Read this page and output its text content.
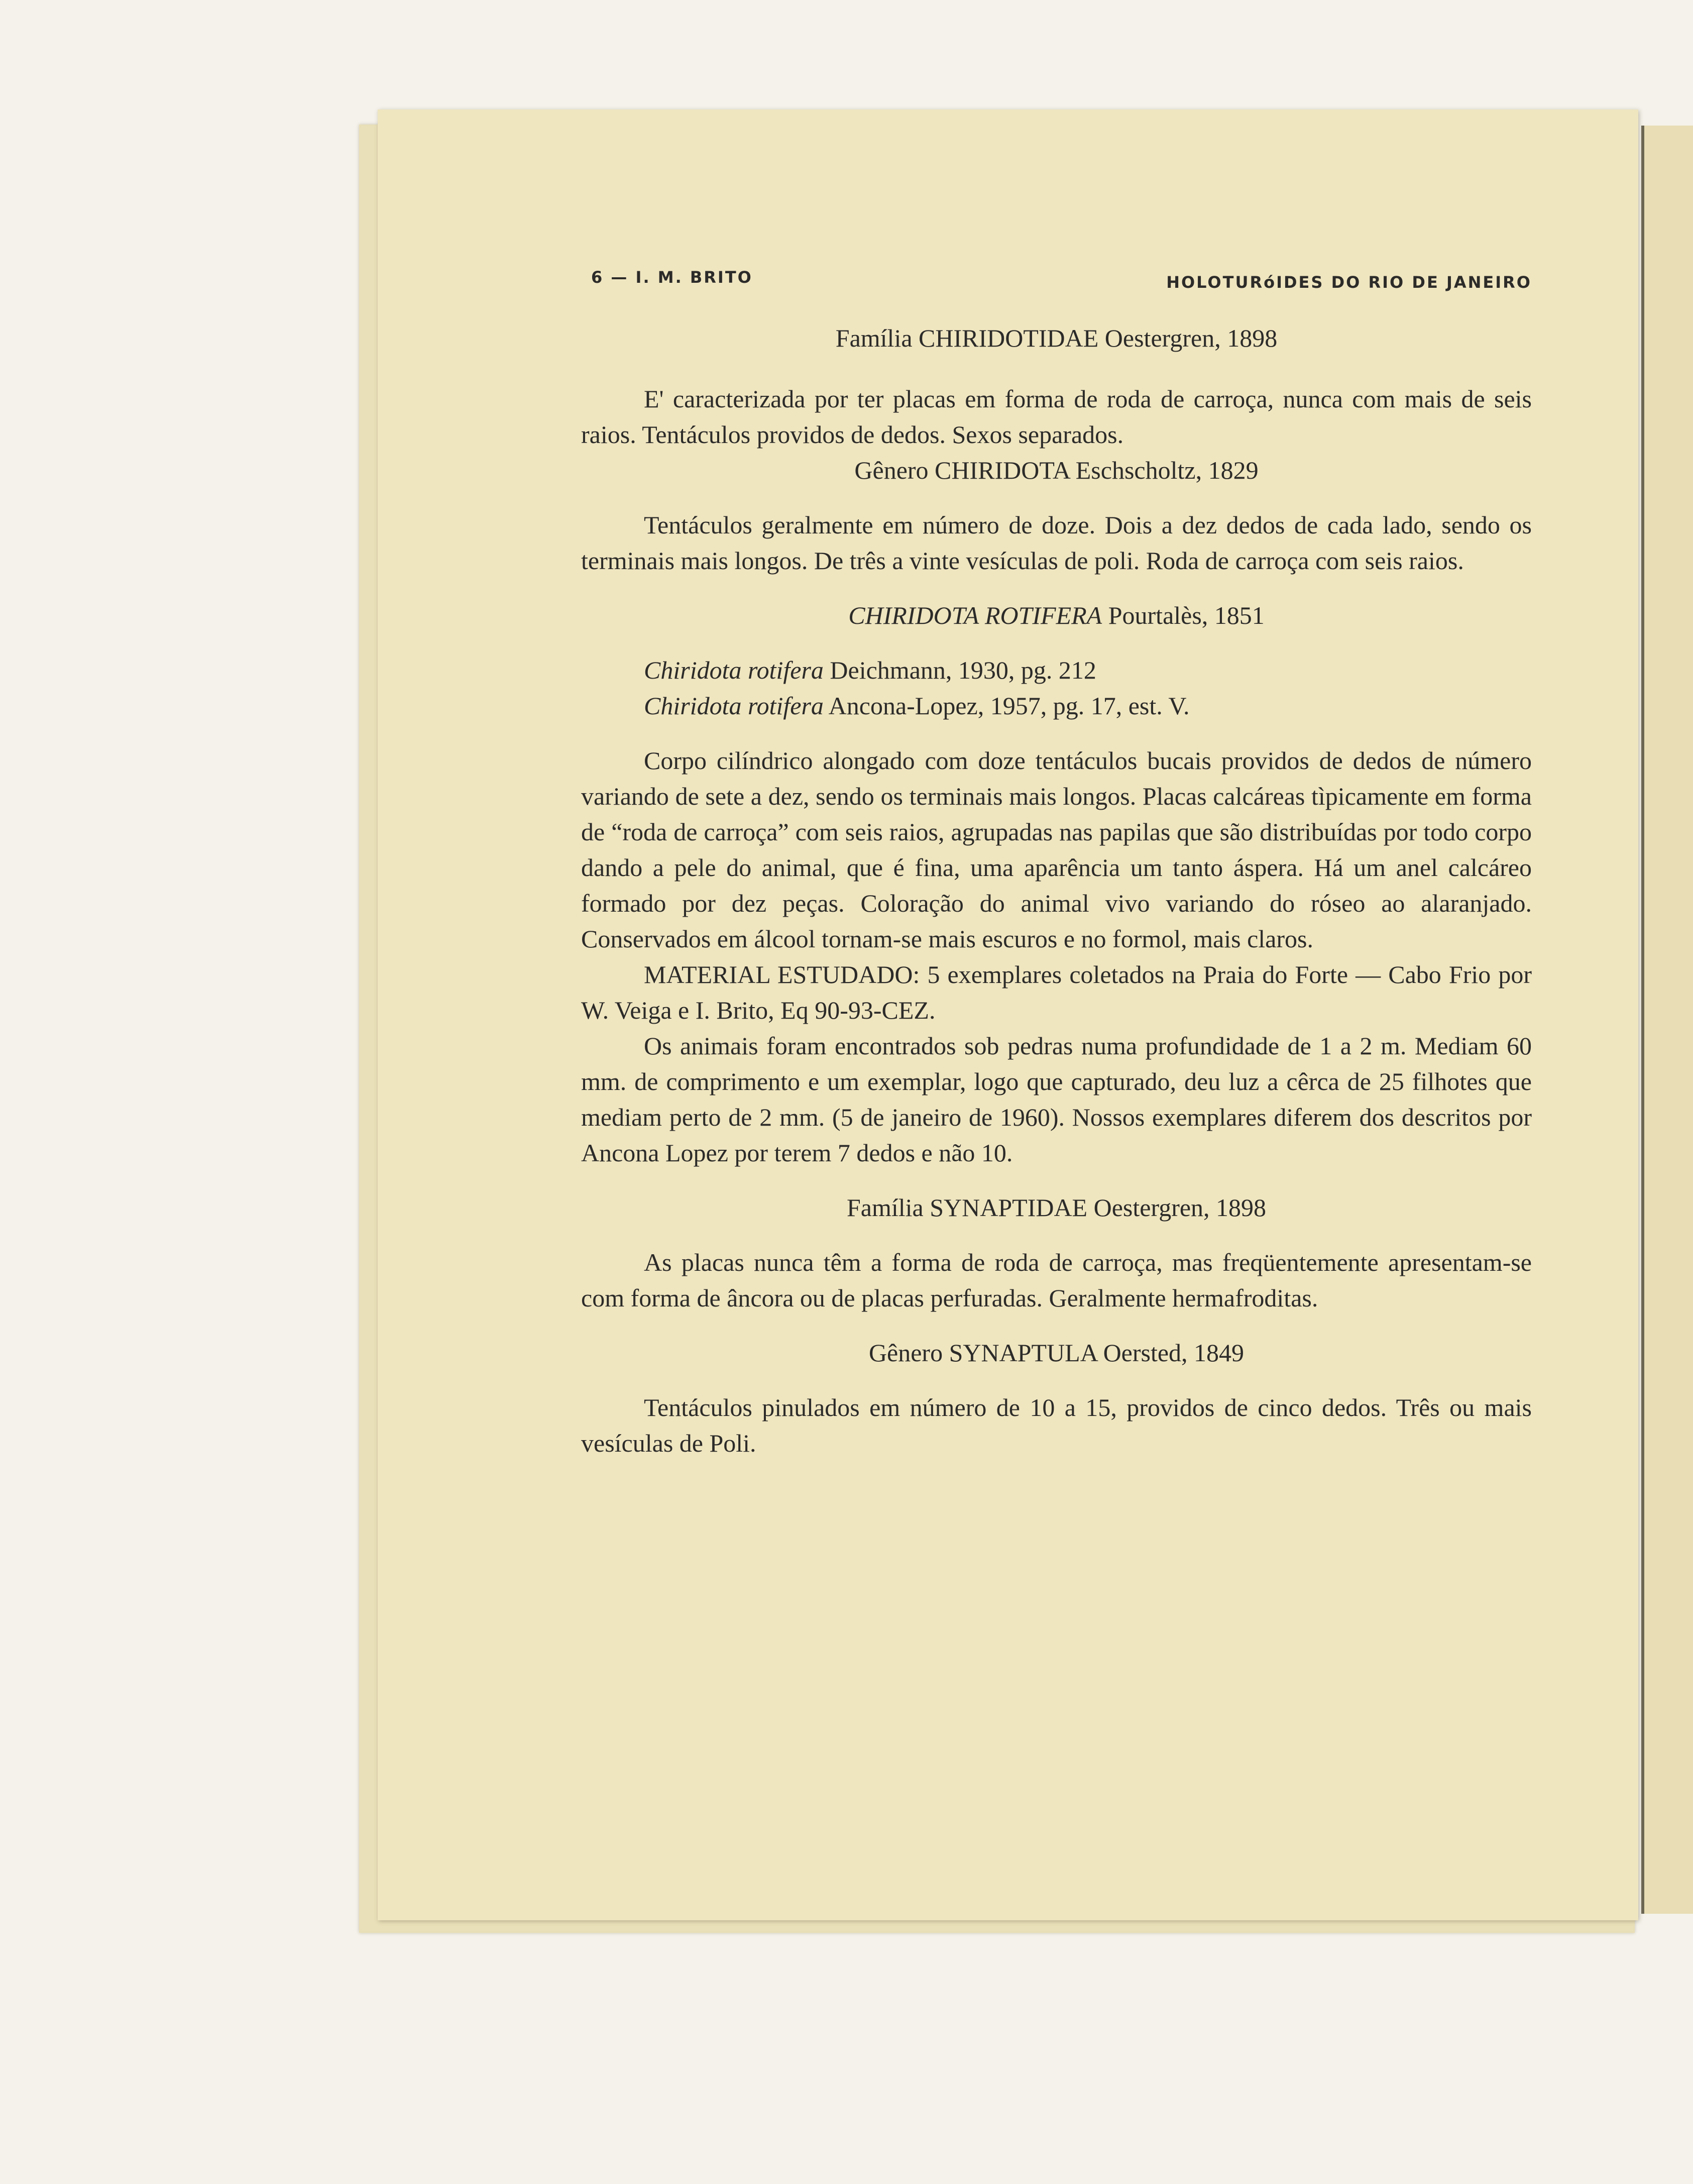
6 — I. M. BRITO	HOLOTURóIDES DO RIO DE JANEIRO

Família CHIRIDOTIDAE Oestergren, 1898

E' caracterizada por ter placas em forma de roda de carroça, nunca com mais de seis raios. Tentáculos providos de dedos. Sexos separados.

Gênero CHIRIDOTA Eschscholtz, 1829

Tentáculos geralmente em número de doze. Dois a dez dedos de cada lado, sendo os terminais mais longos. De três a vinte vesículas de poli. Roda de carroça com seis raios.

CHIRIDOTA ROTIFERA Pourtalès, 1851

Chiridota rotifera Deichmann, 1930, pg. 212

Chiridota rotifera Ancona-Lopez, 1957, pg. 17, est. V.

Corpo cilíndrico alongado com doze tentáculos bucais providos de dedos de número variando de sete a dez, sendo os terminais mais longos. Placas calcáreas tìpicamente em forma de “roda de carroça” com seis raios, agrupadas nas papilas que são distribuídas por todo corpo dando a pele do animal, que é fina, uma aparência um tanto áspera. Há um anel calcáreo formado por dez peças. Coloração do animal vivo variando do róseo ao alaranjado. Conservados em álcool tornam-se mais escuros e no formol, mais claros.

MATERIAL ESTUDADO: 5 exemplares coletados na Praia do Forte — Cabo Frio por W. Veiga e I. Brito, Eq 90-93-CEZ.

Os animais foram encontrados sob pedras numa profundidade de 1 a 2 m. Mediam 60 mm. de comprimento e um exemplar, logo que capturado, deu luz a cêrca de 25 filhotes que mediam perto de 2 mm. (5 de janeiro de 1960). Nossos exemplares diferem dos descritos por Ancona Lopez por terem 7 dedos e não 10.

Família SYNAPTIDAE Oestergren, 1898

As placas nunca têm a forma de roda de carroça, mas freqüentemente apresentam-se com forma de âncora ou de placas perfuradas. Geralmente hermafroditas.

Gênero SYNAPTULA Oersted, 1849

Tentáculos pinulados em número de 10 a 15, providos de cinco dedos. Três ou mais vesículas de Poli.
